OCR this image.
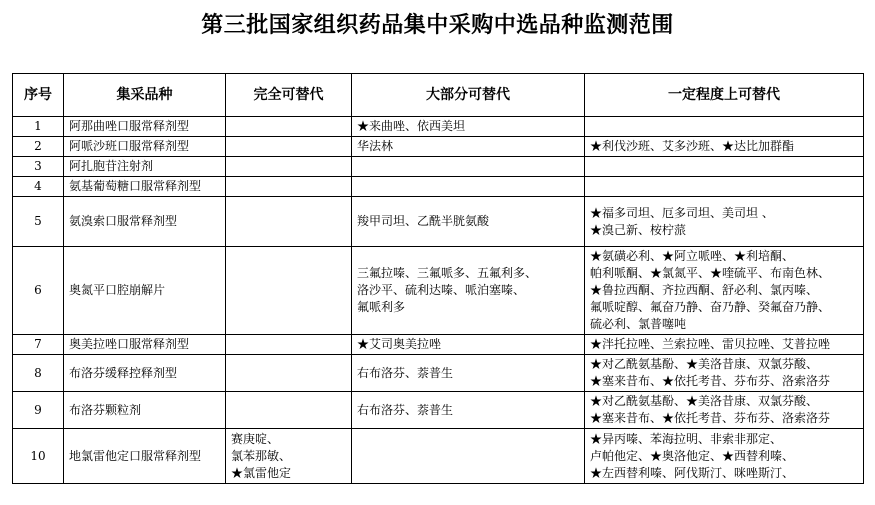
第三批国家组织药品集中采购中选品种监测范围
序号	集采品种	完全可替代	大部分可替代	一定程度上可替代
1	阿那曲唑口服常释剂型		★来曲唑、依西美坦	

2	阿哌沙班口服常释剂型		华法林	★利伐沙班、艾多沙班、★达比加群酯

3	阿扎胞苷注射剂			
4	氨基葡萄糖口服常释剂型			
5	氨溴索口服常释剂型		羧甲司坦、乙酰半胱氨酸	★福多司坦、厄多司坦、美司坦 、
★溴己新、桉柠蒎

6	奥氮平口腔崩解片		三氟拉嗪、三氟哌多、五氟利多、
洛沙平、硫利达嗪、哌泊塞嗪、
氟哌利多	★氨磺必利、★阿立哌唑、★利培酮、
帕利哌酮、★氯氮平、★喹硫平、布南色林、
★鲁拉西酮、齐拉西酮、舒必利、氯丙嗪、
氟哌啶醇、氟奋乃静、奋乃静、癸氟奋乃静、
硫必利、氯普噻吨

7	奥美拉唑口服常释剂型		★艾司奥美拉唑	★泮托拉唑、兰索拉唑、雷贝拉唑、艾普拉唑

8	布洛芬缓释控释剂型		右布洛芬、萘普生	★对乙酰氨基酚、★美洛昔康、双氯芬酸、
★塞来昔布、★依托考昔、芬布芬、洛索洛芬

9	布洛芬颗粒剂		右布洛芬、萘普生	★对乙酰氨基酚、★美洛昔康、双氯芬酸、
★塞来昔布、★依托考昔、芬布芬、洛索洛芬

10	地氯雷他定口服常释剂型	赛庚啶、
氯苯那敏、
★氯雷他定		★异丙嗪、苯海拉明、非索非那定、
卢帕他定、★奥洛他定、★西替利嗪、
★左西替利嗪、阿伐斯汀、咪唑斯汀、
